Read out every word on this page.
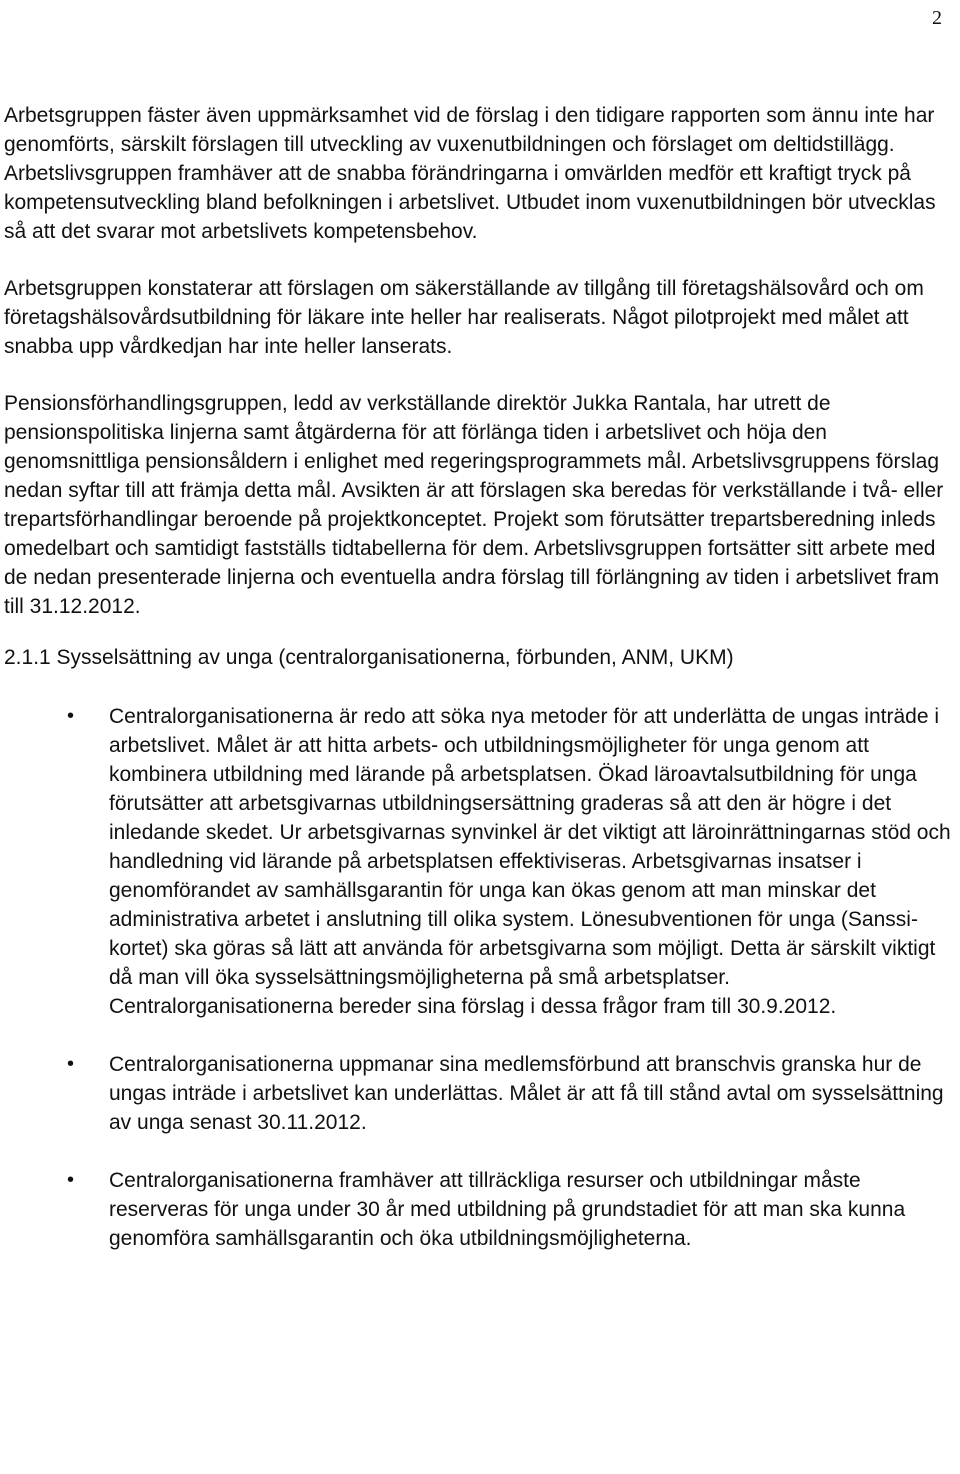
2

Arbetsgruppen fäster även uppmärksamhet vid de förslag i den tidigare rapporten som ännu inte har genomförts, särskilt förslagen till utveckling av vuxenutbildningen och förslaget om deltidstillägg. Arbetslivsgruppen framhäver att de snabba förändringarna i omvärlden medför ett kraftigt tryck på kompetensutveckling bland befolkningen i arbetslivet. Utbudet inom vuxenutbildningen bör utvecklas så att det svarar mot arbetslivets kompetensbehov.

Arbetsgruppen konstaterar att förslagen om säkerställande av tillgång till företagshälsovård och om företagshälsovårdsutbildning för läkare inte heller har realiserats. Något pilotprojekt med målet att snabba upp vårdkedjan har inte heller lanserats.

Pensionsförhandlingsgruppen, ledd av verkställande direktör Jukka Rantala, har utrett de pensionspolitiska linjerna samt åtgärderna för att förlänga tiden i arbetslivet och höja den genomsnittliga pensionsåldern i enlighet med regeringsprogrammets mål. Arbetslivsgruppens förslag nedan syftar till att främja detta mål. Avsikten är att förslagen ska beredas för verkställande i två- eller trepartsförhandlingar beroende på projektkonceptet. Projekt som förutsätter trepartsberedning inleds omedelbart och samtidigt fastställs tidtabellerna för dem. Arbetslivsgruppen fortsätter sitt arbete med de nedan presenterade linjerna och eventuella andra förslag till förlängning av tiden i arbetslivet fram till 31.12.2012.

2.1.1 Sysselsättning av unga (centralorganisationerna, förbunden, ANM, UKM)

• Centralorganisationerna är redo att söka nya metoder för att underlätta de ungas inträde i arbetslivet. Målet är att hitta arbets- och utbildningsmöjligheter för unga genom att kombinera utbildning med lärande på arbetsplatsen. Ökad läroavtalsutbildning för unga förutsätter att arbetsgivarnas utbildningsersättning graderas så att den är högre i det inledande skedet. Ur arbetsgivarnas synvinkel är det viktigt att läroinrättningarnas stöd och handledning vid lärande på arbetsplatsen effektiviseras. Arbetsgivarnas insatser i genomförandet av samhällsgarantin för unga kan ökas genom att man minskar det administrativa arbetet i anslutning till olika system. Lönesubventionen för unga (Sanssi-kortet) ska göras så lätt att använda för arbetsgivarna som möjligt. Detta är särskilt viktigt då man vill öka sysselsättningsmöjligheterna på små arbetsplatser. Centralorganisationerna bereder sina förslag i dessa frågor fram till 30.9.2012.
• Centralorganisationerna uppmanar sina medlemsförbund att branschvis granska hur de ungas inträde i arbetslivet kan underlättas. Målet är att få till stånd avtal om sysselsättning av unga senast 30.11.2012.
• Centralorganisationerna framhäver att tillräckliga resurser och utbildningar måste reserveras för unga under 30 år med utbildning på grundstadiet för att man ska kunna genomföra samhällsgarantin och öka utbildningsmöjligheterna.
